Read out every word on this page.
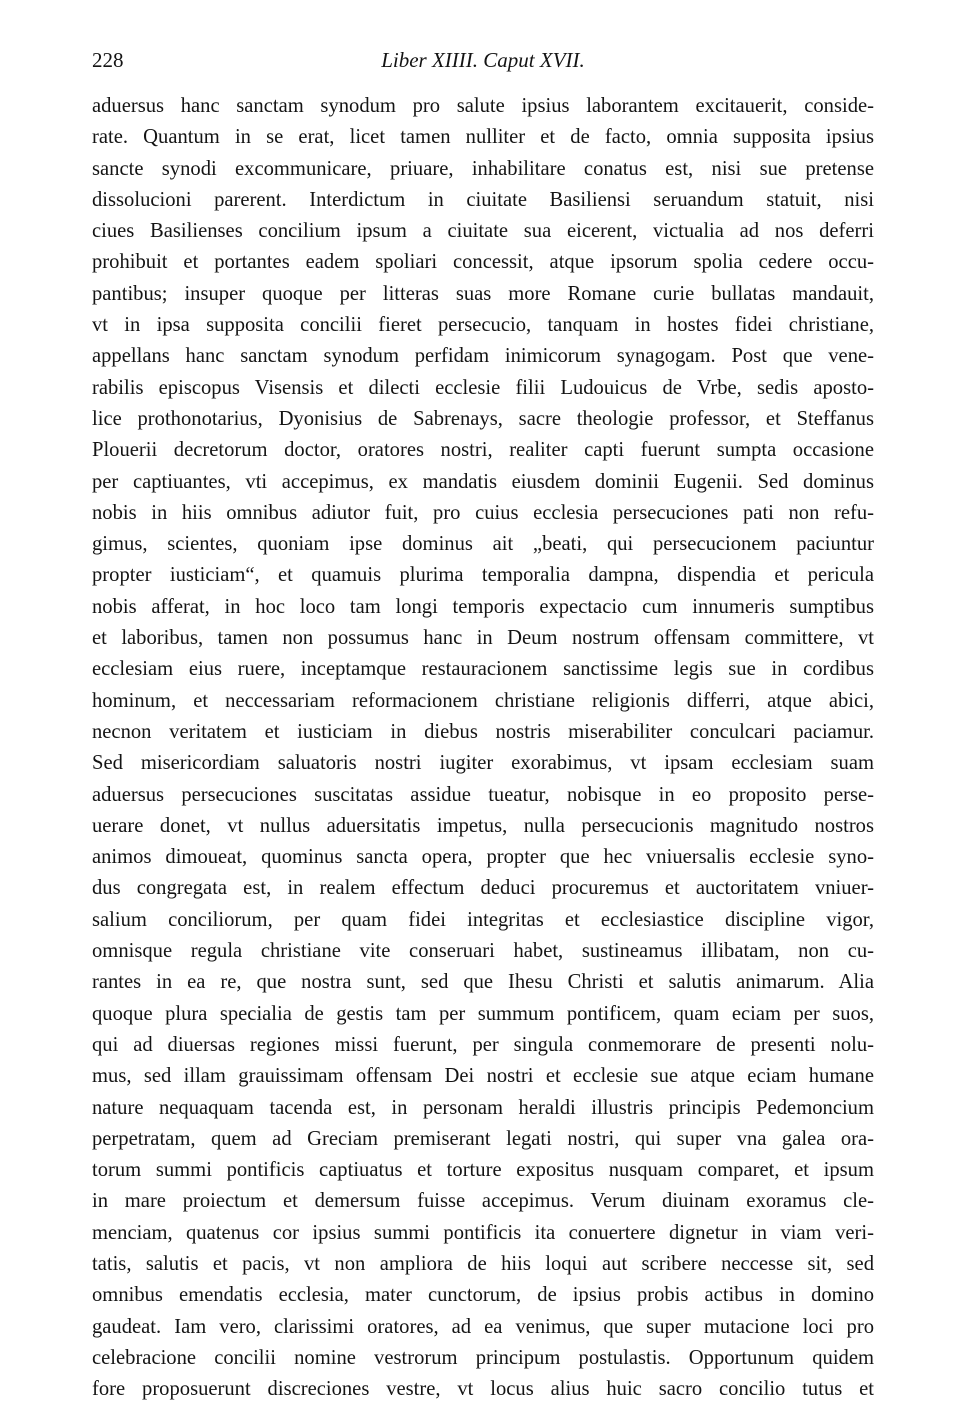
228	Liber XIIII. Caput XVII.
aduersus hanc sanctam synodum pro salute ipsius laborantem excitauerit, conside-
rate. Quantum in se erat, licet tamen nulliter et de facto, omnia supposita ipsius
sancte synodi excommunicare, priuare, inhabilitare conatus est, nisi sue pretense
dissolucioni parerent. Interdictum in ciuitate Basiliensi seruandum statuit, nisi
ciues Basilienses concilium ipsum a ciuitate sua eicerent, victualia ad nos deferri
prohibuit et portantes eadem spoliari concessit, atque ipsorum spolia cedere occu-
pantibus; insuper quoque per litteras suas more Romane curie bullatas mandauit,
vt in ipsa supposita concilii fieret persecucio, tanquam in hostes fidei christiane,
appellans hanc sanctam synodum perfidam inimicorum synagogam. Post que vene-
rabilis episcopus Visensis et dilecti ecclesie filii Ludouicus de Vrbe, sedis aposto-
lice prothonotarius, Dyonisius de Sabrenays, sacre theologie professor, et Steffanus
Plouerii decretorum doctor, oratores nostri, realiter capti fuerunt sumpta occasione
per captiuantes, vti accepimus, ex mandatis eiusdem dominii Eugenii. Sed dominus
nobis in hiis omnibus adiutor fuit, pro cuius ecclesia persecuciones pati non refu-
gimus, scientes, quoniam ipse dominus ait „beati, qui persecucionem paciuntur
propter iusticiam“, et quamuis plurima temporalia dampna, dispendia et pericula
nobis afferat, in hoc loco tam longi temporis expectacio cum innumeris sumptibus
et laboribus, tamen non possumus hanc in Deum nostrum offensam committere, vt
ecclesiam eius ruere, inceptamque restauracionem sanctissime legis sue in cordibus
hominum, et neccessariam reformacionem christiane religionis differri, atque abici,
necnon veritatem et iusticiam in diebus nostris miserabiliter conculcari paciamur.
Sed misericordiam saluatoris nostri iugiter exorabimus, vt ipsam ecclesiam suam
aduersus persecuciones suscitatas assidue tueatur, nobisque in eo proposito perse-
uerare donet, vt nullus aduersitatis impetus, nulla persecucionis magnitudo nostros
animos dimoueat, quominus sancta opera, propter que hec vniuersalis ecclesie syno-
dus congregata est, in realem effectum deduci procuremus et auctoritatem vniuer-
salium conciliorum, per quam fidei integritas et ecclesiastice discipline vigor,
omnisque regula christiane vite conseruari habet, sustineamus illibatam, non cu-
rantes in ea re, que nostra sunt, sed que Ihesu Christi et salutis animarum. Alia
quoque plura specialia de gestis tam per summum pontificem, quam eciam per suos,
qui ad diuersas regiones missi fuerunt, per singula conmemorare de presenti nolu-
mus, sed illam grauissimam offensam Dei nostri et ecclesie sue atque eciam humane
nature nequaquam tacenda est, in personam heraldi illustris principis Pedemoncium
perpetratam, quem ad Greciam premiserant legati nostri, qui super vna galea ora-
torum summi pontificis captiuatus et torture expositus nusquam comparet, et ipsum
in mare proiectum et demersum fuisse accepimus. Verum diuinam exoramus cle-
menciam, quatenus cor ipsius summi pontificis ita conuertere dignetur in viam veri-
tatis, salutis et pacis, vt non ampliora de hiis loqui aut scribere neccesse sit, sed
omnibus emendatis ecclesia, mater cunctorum, de ipsius probis actibus in domino
gaudeat. Iam vero, clarissimi oratores, ad ea venimus, que super mutacione loci pro
celebracione concilii nomine vestrorum principum postulastis. Opportunum quidem
fore proposuerunt discreciones vestre, vt locus alius huic sacro concilio tutus et
